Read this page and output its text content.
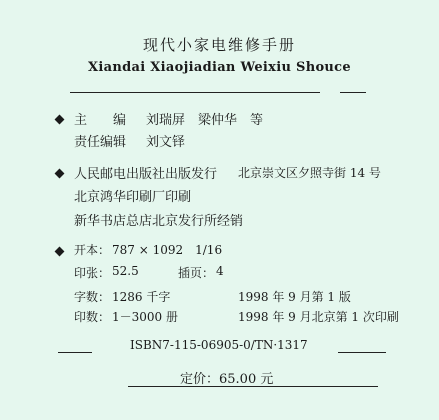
现代小家电维修手册
Xiandai Xiaojiadian Weixiu Shouce
主　　编 刘瑞屏　梁仲华　等
责任编辑 刘文铎
人民邮电出版社出版发行 北京崇文区夕照寺街 14 号
北京鸿华印刷厂印刷
新华书店总店北京发行所经销
开本： 787 × 1092　1/16
印张： 52.5	插页： 4
字数： 1286 千字	1998 年 9 月第 1 版
印数： 1－3000 册	1998 年 9 月北京第 1 次印刷
ISBN7-115-06905-0/TN·1317
定价：65.00 元
